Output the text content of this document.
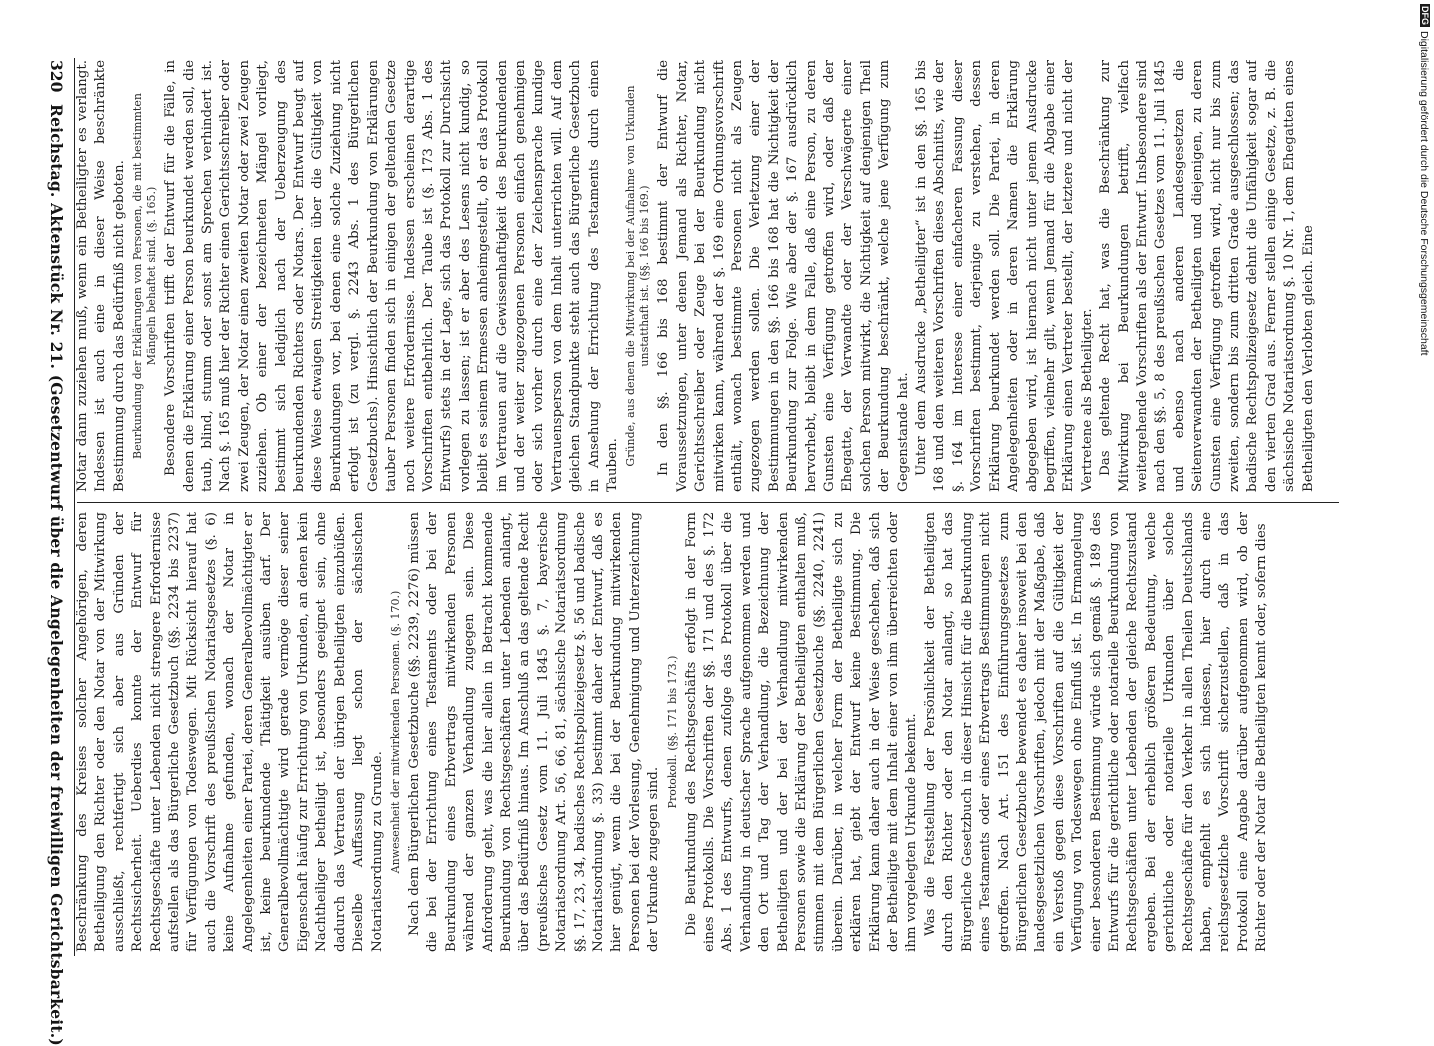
DFGDigitalisierung gefördert durch die Deutsche Forschungsgemeinschaft

Notar dann zuziehen muß, wenn ein Betheiligter es verlangt. Indessen ist auch eine in dieser Weise beschränkte Bestimmung durch das Bedürfniß nicht geboten. Beurkundung der Erklärungen von Personen, die mit bestimmten Mängeln behaftet sind. (§. 165.) Besondere Vorschriften trifft der Entwurf für die Fälle, in denen die Erklärung einer Person beurkundet werden soll, die taub, blind, stumm oder sonst am Sprechen verhindert ist. Nach §. 165 muß hier der Richter einen Gerichtsschreiber oder zwei Zeugen, der Notar einen zweiten Notar oder zwei Zeugen zuziehen. Ob einer der bezeichneten Mängel vorliegt, bestimmt sich lediglich nach der Ueberzeugung des beurkundenden Richters oder Notars. Der Entwurf beugt auf diese Weise etwaigen Streitigkeiten über die Gültigkeit von Beurkundungen vor, bei denen eine solche Zuziehung nicht erfolgt ist (zu vergl. §. 2243 Abs. 1 des Bürgerlichen Gesetzbuchs). Hinsichtlich der Beurkundung von Erklärungen tauber Personen finden sich in einigen der geltenden Gesetze noch weitere Erfordernisse. Indessen erscheinen derartige Vorschriften entbehrlich. Der Taube ist (§. 173 Abs. 1 des Entwurfs) stets in der Lage, sich das Protokoll zur Durchsicht vorlegen zu lassen; ist er aber des Lesens nicht kundig, so bleibt es seinem Ermessen anheimgestellt, ob er das Protokoll im Vertrauen auf die Gewissenhaftigkeit des Beurkundenden und der weiter zugezogenen Personen einfach genehmigen oder sich vorher durch eine der Zeichensprache kundige Vertrauensperson von dem Inhalt unterrichten will. Auf dem gleichen Standpunkte steht auch das Bürgerliche Gesetzbuch in Ansehung der Errichtung des Testaments durch einen Tauben. Gründe, aus denen die Mitwirkung bei der Aufnahme von Urkunden unstatthaft ist. (§§. 166 bis 169.) In den §§. 166 bis 168 bestimmt der Entwurf die Voraussetzungen, unter denen Jemand als Richter, Notar, Gerichtsschreiber oder Zeuge bei der Beurkundung nicht mitwirken kann, während der §. 169 eine Ordnungsvorschrift enthält, wonach bestimmte Personen nicht als Zeugen zugezogen werden sollen. Die Verletzung einer der Bestimmungen in den §§. 166 bis 168 hat die Nichtigkeit der Beurkundung zur Folge. Wie aber der §. 167 ausdrücklich hervorhebt, bleibt in dem Falle, daß eine Person, zu deren Gunsten eine Verfügung getroffen wird, oder daß der Ehegatte, der Verwandte oder der Verschwägerte einer solchen Person mitwirkt, die Nichtigkeit auf denjenigen Theil der Beurkundung beschränkt, welche jene Verfügung zum Gegenstande hat. Unter dem Ausdrucke „Betheiligter“ ist in den §§. 165 bis 168 und den weiteren Vorschriften dieses Abschnitts, wie der §. 164 im Interesse einer einfacheren Fassung dieser Vorschriften bestimmt, derjenige zu verstehen, dessen Erklärung beurkundet werden soll. Die Partei, in deren Angelegenheiten oder in deren Namen die Erklärung abgegeben wird, ist hiernach nicht unter jenem Ausdrucke begriffen, vielmehr gilt, wenn Jemand für die Abgabe einer Erklärung einen Vertreter bestellt, der letztere und nicht der Vertretene als Betheiligter. Das geltende Recht hat, was die Beschränkung zur Mitwirkung bei Beurkundungen betrifft, vielfach weitergehende Vorschriften als der Entwurf. Insbesondere sind nach den §§. 5, 8 des preußischen Gesetzes vom 11. Juli 1845 und ebenso nach anderen Landesgesetzen die Seitenverwandten der Betheiligten und diejenigen, zu deren Gunsten eine Verfügung getroffen wird, nicht nur bis zum zweiten, sondern bis zum dritten Grade ausgeschlossen; das badische Rechtspolizeigesetz dehnt die Unfähigkeit sogar auf den vierten Grad aus. Ferner stellen einige Gesetze, z. B. die sächsische Notariatsordnung §. 10 Nr. 1, dem Ehegatten eines Betheiligten den Verlobten gleich. Eine

Beschränkung des Kreises solcher Angehörigen, deren Betheiligung den Richter oder den Notar von der Mitwirkung ausschließt, rechtfertigt sich aber aus Gründen der Rechtssicherheit. Ueberdies konnte der Entwurf für Rechtsgeschäfte unter Lebenden nicht strengere Erfordernisse aufstellen als das Bürgerliche Gesetzbuch (§§. 2234 bis 2237) für Verfügungen von Todeswegen. Mit Rücksicht hierauf hat auch die Vorschrift des preußischen Notariatsgesetzes (§. 6) keine Aufnahme gefunden, wonach der Notar in Angelegenheiten einer Partei, deren Generalbevollmächtigter er ist, keine beurkundende Thätigkeit ausüben darf. Der Generalbevollmächtigte wird gerade vermöge dieser seiner Eigenschaft häufig zur Errichtung von Urkunden, an denen kein Nachtheiliger betheiligt ist, besonders geeignet sein, ohne dadurch das Vertrauen der übrigen Betheiligten einzubüßen. Dieselbe Auffassung liegt schon der sächsischen Notariatsordnung zu Grunde. Anwesenheit der mitwirkenden Personen. (§. 170.) Nach dem Bürgerlichen Gesetzbuche (§§. 2239, 2276) müssen die bei der Errichtung eines Testaments oder bei der Beurkundung eines Erbvertrags mitwirkenden Personen während der ganzen Verhandlung zugegen sein. Diese Anforderung geht, was die hier allein in Betracht kommende Beurkundung von Rechtsgeschäften unter Lebenden anlangt, über das Bedürfniß hinaus. Im Anschluß an das geltende Recht (preußisches Gesetz vom 11. Juli 1845 §. 7, bayerische Notariatsordnung Art. 56, 66, 81, sächsische Notariatsordnung §§. 17, 23, 34, badisches Rechtspolizeigesetz §. 56 und badische Notariatsordnung §. 33) bestimmt daher der Entwurf, daß es hier genügt, wenn die bei der Beurkundung mitwirkenden Personen bei der Vorlesung, Genehmigung und Unterzeichnung der Urkunde zugegen sind.

Protokoll. (§§. 171 bis 173.) Die Beurkundung des Rechtsgeschäfts erfolgt in der Form eines Protokolls. Die Vorschriften der §§. 171 und des §. 172 Abs. 1 des Entwurfs, denen zufolge das Protokoll über die Verhandlung in deutscher Sprache aufgenommen werden und den Ort und Tag der Verhandlung, die Bezeichnung der Betheiligten und der bei der Verhandlung mitwirkenden Personen sowie die Erklärung der Betheiligten enthalten muß, stimmen mit dem Bürgerlichen Gesetzbuche (§§. 2240, 2241) überein. Darüber, in welcher Form der Betheiligte sich zu erklären hat, giebt der Entwurf keine Bestimmung. Die Erklärung kann daher auch in der Weise geschehen, daß sich der Betheiligte mit dem Inhalt einer von ihm überreichten oder ihm vorgelegten Urkunde bekennt. Was die Feststellung der Persönlichkeit der Betheiligten durch den Richter oder den Notar anlangt, so hat das Bürgerliche Gesetzbuch in dieser Hinsicht für die Beurkundung eines Testaments oder eines Erbvertrags Bestimmungen nicht getroffen. Nach Art. 151 des Einführungsgesetzes zum Bürgerlichen Gesetzbuche bewendet es daher insoweit bei den landesgesetzlichen Vorschriften, jedoch mit der Maßgabe, daß ein Verstoß gegen diese Vorschriften auf die Gültigkeit der Verfügung von Todeswegen ohne Einfluß ist. In Ermangelung einer besonderen Bestimmung würde sich gemäß §. 189 des Entwurfs für die gerichtliche oder notarielle Beurkundung von Rechtsgeschäften unter Lebenden der gleiche Rechtszustand ergeben. Bei der erheblich größeren Bedeutung, welche gerichtliche oder notarielle Urkunden über solche Rechtsgeschäfte für den Verkehr in allen Theilen Deutschlands haben, empfiehlt es sich indessen, hier durch eine reichsgesetzliche Vorschrift sicherzustellen, daß in das Protokoll eine Angabe darüber aufgenommen wird, ob der Richter oder der Notar die Betheiligten kennt oder, sofern dies

320
Reichstag. Aktenstück Nr. 21. (Gesetzentwurf über die Angelegenheiten der freiwilligen Gerichtsbarkeit.)
